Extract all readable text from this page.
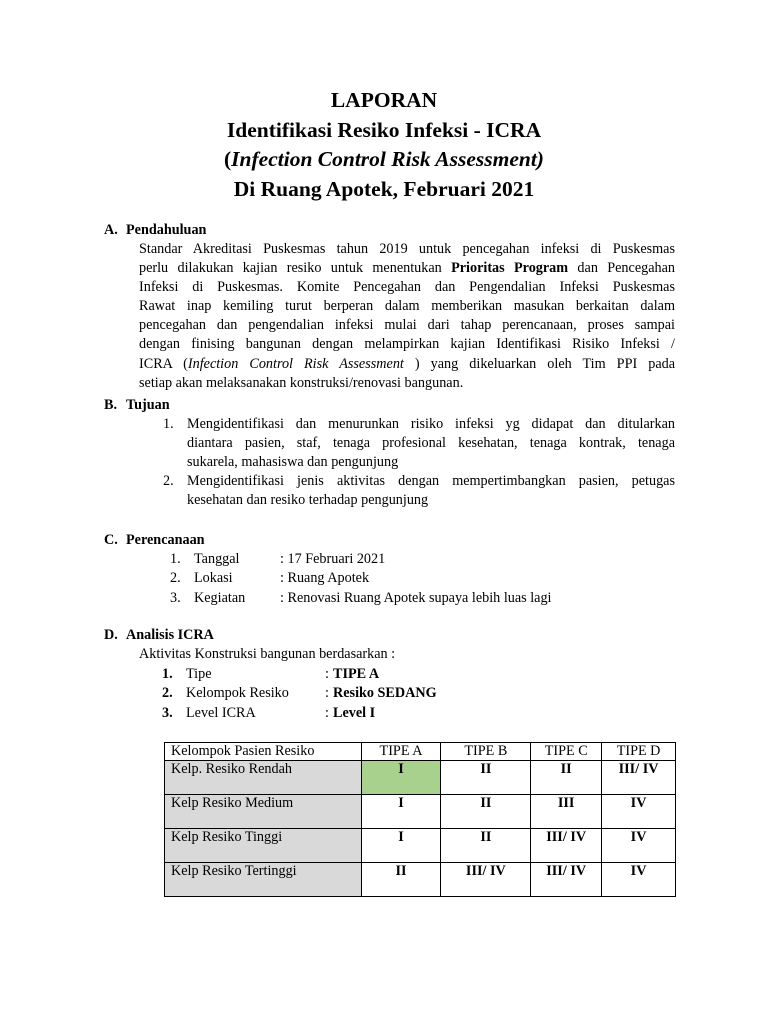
LAPORAN
Identifikasi Resiko Infeksi - ICRA
(Infection Control Risk Assessment)
Di Ruang Apotek, Februari 2021
A. Pendahuluan

Standar Akreditasi Puskesmas tahun 2019 untuk pencegahan infeksi di Puskesmas

perlu dilakukan kajian resiko untuk menentukan Prioritas Program dan Pencegahan

Infeksi di Puskesmas. Komite Pencegahan dan Pengendalian Infeksi Puskesmas

Rawat inap kemiling turut berperan dalam memberikan masukan berkaitan dalam

pencegahan dan pengendalian infeksi mulai dari tahap perencanaan, proses sampai

dengan finising bangunan dengan melampirkan kajian Identifikasi Risiko Infeksi /

ICRA (Infection Control Risk Assessment ) yang dikeluarkan oleh Tim PPI pada

setiap akan melaksanakan konstruksi/renovasi bangunan.

B. Tujuan
1. Mengidentifikasi dan menurunkan risiko infeksi yg didapat dan ditularkan

diantara pasien, staf, tenaga profesional kesehatan, tenaga kontrak, tenaga

sukarela, mahasiswa dan pengunjung

2. Mengidentifikasi jenis aktivitas dengan mempertimbangkan pasien, petugas

kesehatan dan resiko terhadap pengunjung

C. Perencanaan
1. Tanggal	: 17 Februari 2021
2. Lokasi	: Ruang Apotek
3. Kegiatan : Renovasi Ruang Apotek supaya lebih luas lagi
D. Analisis ICRA
Aktivitas Konstruksi bangunan berdasarkan :
1. Tipe	: TIPE A
2. Kelompok Resiko	: Resiko SEDANG
3. Level ICRA	: Level I
Kelompok Pasien Resiko	TIPE A	TIPE B	TIPE C	TIPE D
Kelp. Resiko Rendah	I	II	II	III/ IV
Kelp Resiko Medium	I	II	III	IV
Kelp Resiko Tinggi	I	II	III/ IV	IV
Kelp Resiko Tertinggi	II	III/ IV	III/ IV	IV
